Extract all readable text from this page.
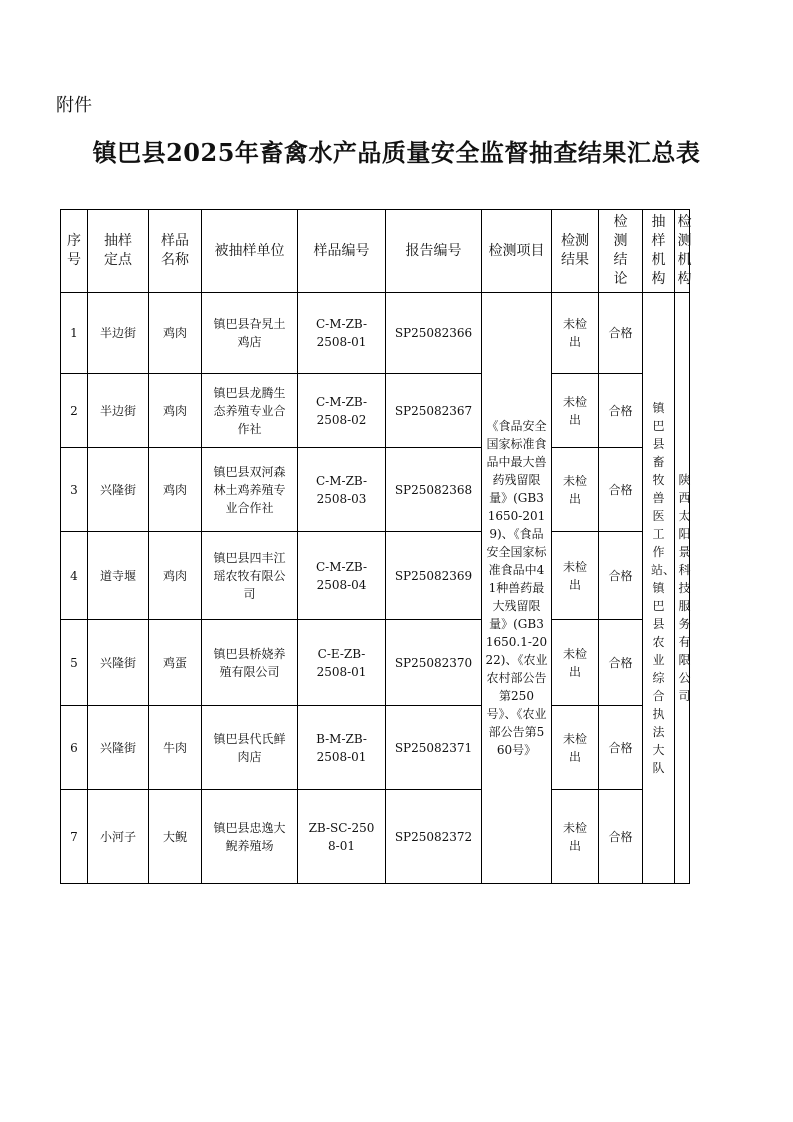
附件
镇巴县2025年畜禽水产品质量安全监督抽查结果汇总表
序号	抽样定点	样品名称	被抽样单位	样品编号	报告编号	检测项目	检测结果	检测结论	抽样机构	检测机构
1	半边街	鸡肉	镇巴县旮旯土鸡店	C-M-ZB-2508-01	SP25082366	《食品安全国家标准食品中最大兽药残留限量》(GB31650-2019)、《食品安全国家标准食品中41种兽药最大残留限量》(GB31650.1-2022)、《农业农村部公告第250号》、《农业部公告第560号》	未检出	合格	镇巴县畜牧兽医工作站、镇巴县农业综合执法大队	陕西太阳景科技服务有限公司
2	半边街	鸡肉	镇巴县龙腾生态养殖专业合作社	C-M-ZB-2508-02	SP25082367		未检出	合格		
3	兴隆街	鸡肉	镇巴县双河森林土鸡养殖专业合作社	C-M-ZB-2508-03	SP25082368		未检出	合格		
4	道寺堰	鸡肉	镇巴县四丰江瑶农牧有限公司	C-M-ZB-2508-04	SP25082369		未检出	合格		
5	兴隆街	鸡蛋	镇巴县桥娆养殖有限公司	C-E-ZB-2508-01	SP25082370		未检出	合格		
6	兴隆街	牛肉	镇巴县代氏鲜肉店	B-M-ZB-2508-01	SP25082371		未检出	合格		
7	小河子	大鲵	镇巴县忠逸大鲵养殖场	ZB-SC-2508-01	SP25082372		未检出	合格		
